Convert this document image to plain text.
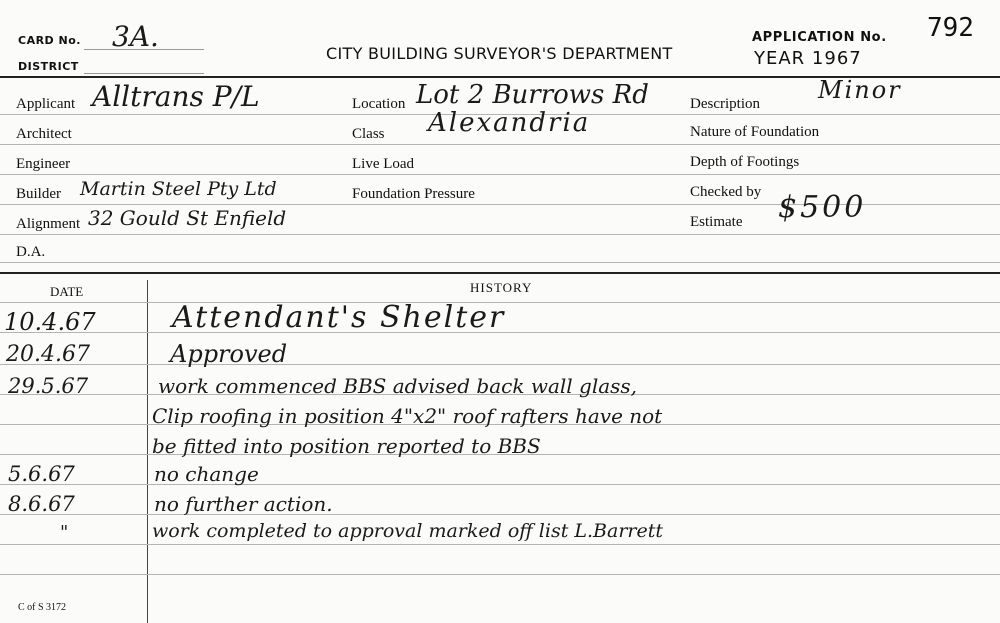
CARD No. 3A.
DISTRICT
CITY BUILDING SURVEYOR'S DEPARTMENT
APPLICATION No. 792
YEAR 1967
Applicant Alltrans P/L
Architect
Engineer
Builder Martin Steel Pty Ltd
Alignment 32 Gould St Enfield
D.A.
Location Lot 2 Burrows Rd
Class Alexandria
Live Load
Foundation Pressure
Description Minor
Nature of Foundation
Depth of Footings
Checked by
Estimate $500
DATE	HISTORY
10.4.67	Attendant's Shelter
20.4.67	Approved
29.5.67	work commenced BBS advised back wall glass,
Clip roofing in position 4"x2" roof rafters have not
be fitted into position reported to BBS
5.6.67	no change
8.6.67	no further action.
"	work completed to approval marked off list L.Barrett
C of S 3172
